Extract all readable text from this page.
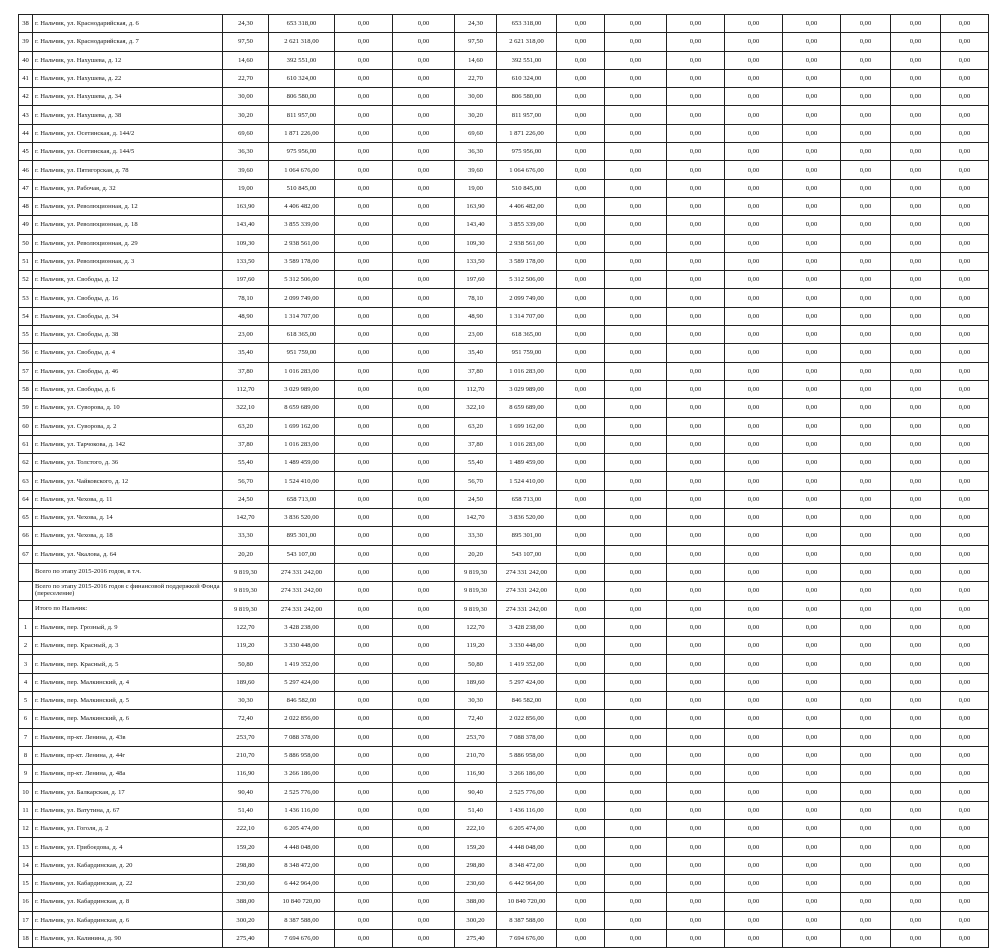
38	г. Нальчик, ул. Краснодарийская, д. 6	24,30	653 318,00	0,00	0,00	24,30	653 318,00	0,00	0,00	0,00	0,00	0,00	0,00	0,00	0,00
39	г. Нальчик, ул. Краснодарийская, д. 7	97,50	2 621 318,00	0,00	0,00	97,50	2 621 318,00	0,00	0,00	0,00	0,00	0,00	0,00	0,00	0,00
40	г. Нальчик, ул. Нахушева, д. 12	14,60	392 551,00	0,00	0,00	14,60	392 551,00	0,00	0,00	0,00	0,00	0,00	0,00	0,00	0,00
41	г. Нальчик, ул. Нахушева, д. 22	22,70	610 324,00	0,00	0,00	22,70	610 324,00	0,00	0,00	0,00	0,00	0,00	0,00	0,00	0,00
42	г. Нальчик, ул. Нахушева, д. 34	30,00	806 580,00	0,00	0,00	30,00	806 580,00	0,00	0,00	0,00	0,00	0,00	0,00	0,00	0,00
43	г. Нальчик, ул. Нахушева, д. 38	30,20	811 957,00	0,00	0,00	30,20	811 957,00	0,00	0,00	0,00	0,00	0,00	0,00	0,00	0,00
44	г. Нальчик, ул. Осетинская, д. 144/2	69,60	1 871 226,00	0,00	0,00	69,60	1 871 226,00	0,00	0,00	0,00	0,00	0,00	0,00	0,00	0,00
45	г. Нальчик, ул. Осетинская, д. 144/5	36,30	975 956,00	0,00	0,00	36,30	975 956,00	0,00	0,00	0,00	0,00	0,00	0,00	0,00	0,00
46	г. Нальчик, ул. Пятигорская, д. 78	39,60	1 064 676,00	0,00	0,00	39,60	1 064 676,00	0,00	0,00	0,00	0,00	0,00	0,00	0,00	0,00
47	г. Нальчик, ул. Рабочая, д. 32	19,00	510 845,00	0,00	0,00	19,00	510 845,00	0,00	0,00	0,00	0,00	0,00	0,00	0,00	0,00
48	г. Нальчик, ул. Революционная, д. 12	163,90	4 406 482,00	0,00	0,00	163,90	4 406 482,00	0,00	0,00	0,00	0,00	0,00	0,00	0,00	0,00
49	г. Нальчик, ул. Революционная, д. 18	143,40	3 855 339,00	0,00	0,00	143,40	3 855 339,00	0,00	0,00	0,00	0,00	0,00	0,00	0,00	0,00
50	г. Нальчик, ул. Революционная, д. 29	109,30	2 938 561,00	0,00	0,00	109,30	2 938 561,00	0,00	0,00	0,00	0,00	0,00	0,00	0,00	0,00
51	г. Нальчик, ул. Революционная, д. 3	133,50	3 589 178,00	0,00	0,00	133,50	3 589 178,00	0,00	0,00	0,00	0,00	0,00	0,00	0,00	0,00
52	г. Нальчик, ул. Свободы, д. 12	197,60	5 312 506,00	0,00	0,00	197,60	5 312 506,00	0,00	0,00	0,00	0,00	0,00	0,00	0,00	0,00
53	г. Нальчик, ул. Свободы, д. 16	78,10	2 099 749,00	0,00	0,00	78,10	2 099 749,00	0,00	0,00	0,00	0,00	0,00	0,00	0,00	0,00
54	г. Нальчик, ул. Свободы, д. 34	48,90	1 314 707,00	0,00	0,00	48,90	1 314 707,00	0,00	0,00	0,00	0,00	0,00	0,00	0,00	0,00
55	г. Нальчик, ул. Свободы, д. 38	23,00	618 365,00	0,00	0,00	23,00	618 365,00	0,00	0,00	0,00	0,00	0,00	0,00	0,00	0,00
56	г. Нальчик, ул. Свободы, д. 4	35,40	951 759,00	0,00	0,00	35,40	951 759,00	0,00	0,00	0,00	0,00	0,00	0,00	0,00	0,00
57	г. Нальчик, ул. Свободы, д. 46	37,80	1 016 283,00	0,00	0,00	37,80	1 016 283,00	0,00	0,00	0,00	0,00	0,00	0,00	0,00	0,00
58	г. Нальчик, ул. Свободы, д. 6	112,70	3 029 989,00	0,00	0,00	112,70	3 029 989,00	0,00	0,00	0,00	0,00	0,00	0,00	0,00	0,00
59	г. Нальчик, ул. Суворова, д. 10	322,10	8 659 689,00	0,00	0,00	322,10	8 659 689,00	0,00	0,00	0,00	0,00	0,00	0,00	0,00	0,00
60	г. Нальчик, ул. Суворова, д. 2	63,20	1 699 162,00	0,00	0,00	63,20	1 699 162,00	0,00	0,00	0,00	0,00	0,00	0,00	0,00	0,00
61	г. Нальчик, ул. Тарчокова, д. 142	37,80	1 016 283,00	0,00	0,00	37,80	1 016 283,00	0,00	0,00	0,00	0,00	0,00	0,00	0,00	0,00
62	г. Нальчик, ул. Толстого, д. 36	55,40	1 489 459,00	0,00	0,00	55,40	1 489 459,00	0,00	0,00	0,00	0,00	0,00	0,00	0,00	0,00
63	г. Нальчик, ул. Чайковского, д. 12	56,70	1 524 410,00	0,00	0,00	56,70	1 524 410,00	0,00	0,00	0,00	0,00	0,00	0,00	0,00	0,00
64	г. Нальчик, ул. Чехова, д. 11	24,50	658 713,00	0,00	0,00	24,50	658 713,00	0,00	0,00	0,00	0,00	0,00	0,00	0,00	0,00
65	г. Нальчик, ул. Чехова, д. 14	142,70	3 836 520,00	0,00	0,00	142,70	3 836 520,00	0,00	0,00	0,00	0,00	0,00	0,00	0,00	0,00
66	г. Нальчик, ул. Чехова, д. 18	33,30	895 301,00	0,00	0,00	33,30	895 301,00	0,00	0,00	0,00	0,00	0,00	0,00	0,00	0,00
67	г. Нальчик, ул. Чкалова, д. 64	20,20	543 107,00	0,00	0,00	20,20	543 107,00	0,00	0,00	0,00	0,00	0,00	0,00	0,00	0,00
	Всего по этапу 2015-2016 годов, в т.ч.	9 819,30	274 331 242,00	0,00	0,00	9 819,30	274 331 242,00	0,00	0,00	0,00	0,00	0,00	0,00	0,00	0,00
	Всего по этапу 2015-2016 годов с финансовой поддержкой Фонда (переселение)	9 819,30	274 331 242,00	0,00	0,00	9 819,30	274 331 242,00	0,00	0,00	0,00	0,00	0,00	0,00	0,00	0,00
	Итого по Нальчик:	9 819,30	274 331 242,00	0,00	0,00	9 819,30	274 331 242,00	0,00	0,00	0,00	0,00	0,00	0,00	0,00	0,00
1	г. Нальчик, пер. Грозный, д. 9	122,70	3 428 238,00	0,00	0,00	122,70	3 428 238,00	0,00	0,00	0,00	0,00	0,00	0,00	0,00	0,00
2	г. Нальчик, пер. Красный, д. 3	119,20	3 330 448,00	0,00	0,00	119,20	3 330 448,00	0,00	0,00	0,00	0,00	0,00	0,00	0,00	0,00
3	г. Нальчик, пер. Красный, д. 5	50,80	1 419 352,00	0,00	0,00	50,80	1 419 352,00	0,00	0,00	0,00	0,00	0,00	0,00	0,00	0,00
4	г. Нальчик, пер. Малкинский, д. 4	189,60	5 297 424,00	0,00	0,00	189,60	5 297 424,00	0,00	0,00	0,00	0,00	0,00	0,00	0,00	0,00
5	г. Нальчик, пер. Малкинский, д. 5	30,30	846 582,00	0,00	0,00	30,30	846 582,00	0,00	0,00	0,00	0,00	0,00	0,00	0,00	0,00
6	г. Нальчик, пер. Малкинский, д. 6	72,40	2 022 856,00	0,00	0,00	72,40	2 022 856,00	0,00	0,00	0,00	0,00	0,00	0,00	0,00	0,00
7	г. Нальчик, пр-кт. Ленина, д. 43в	253,70	7 088 378,00	0,00	0,00	253,70	7 088 378,00	0,00	0,00	0,00	0,00	0,00	0,00	0,00	0,00
8	г. Нальчик, пр-кт. Ленина, д. 44г	210,70	5 886 958,00	0,00	0,00	210,70	5 886 958,00	0,00	0,00	0,00	0,00	0,00	0,00	0,00	0,00
9	г. Нальчик, пр-кт. Ленина, д. 48а	116,90	3 266 186,00	0,00	0,00	116,90	3 266 186,00	0,00	0,00	0,00	0,00	0,00	0,00	0,00	0,00
10	г. Нальчик, ул. Балкарская, д. 17	90,40	2 525 776,00	0,00	0,00	90,40	2 525 776,00	0,00	0,00	0,00	0,00	0,00	0,00	0,00	0,00
11	г. Нальчик, ул. Ватутина, д. 67	51,40	1 436 116,00	0,00	0,00	51,40	1 436 116,00	0,00	0,00	0,00	0,00	0,00	0,00	0,00	0,00
12	г. Нальчик, ул. Гоголя, д. 2	222,10	6 205 474,00	0,00	0,00	222,10	6 205 474,00	0,00	0,00	0,00	0,00	0,00	0,00	0,00	0,00
13	г. Нальчик, ул. Грибоедова, д. 4	159,20	4 448 048,00	0,00	0,00	159,20	4 448 048,00	0,00	0,00	0,00	0,00	0,00	0,00	0,00	0,00
14	г. Нальчик, ул. Кабардинская, д. 20	298,80	8 348 472,00	0,00	0,00	298,80	8 348 472,00	0,00	0,00	0,00	0,00	0,00	0,00	0,00	0,00
15	г. Нальчик, ул. Кабардинская, д. 22	230,60	6 442 964,00	0,00	0,00	230,60	6 442 964,00	0,00	0,00	0,00	0,00	0,00	0,00	0,00	0,00
16	г. Нальчик, ул. Кабардинская, д. 8	388,00	10 840 720,00	0,00	0,00	388,00	10 840 720,00	0,00	0,00	0,00	0,00	0,00	0,00	0,00	0,00
17	г. Нальчик, ул. Кабардинская, д. 6	300,20	8 387 588,00	0,00	0,00	300,20	8 387 588,00	0,00	0,00	0,00	0,00	0,00	0,00	0,00	0,00
18	г. Нальчик, ул. Калинина, д. 90	275,40	7 694 676,00	0,00	0,00	275,40	7 694 676,00	0,00	0,00	0,00	0,00	0,00	0,00	0,00	0,00
